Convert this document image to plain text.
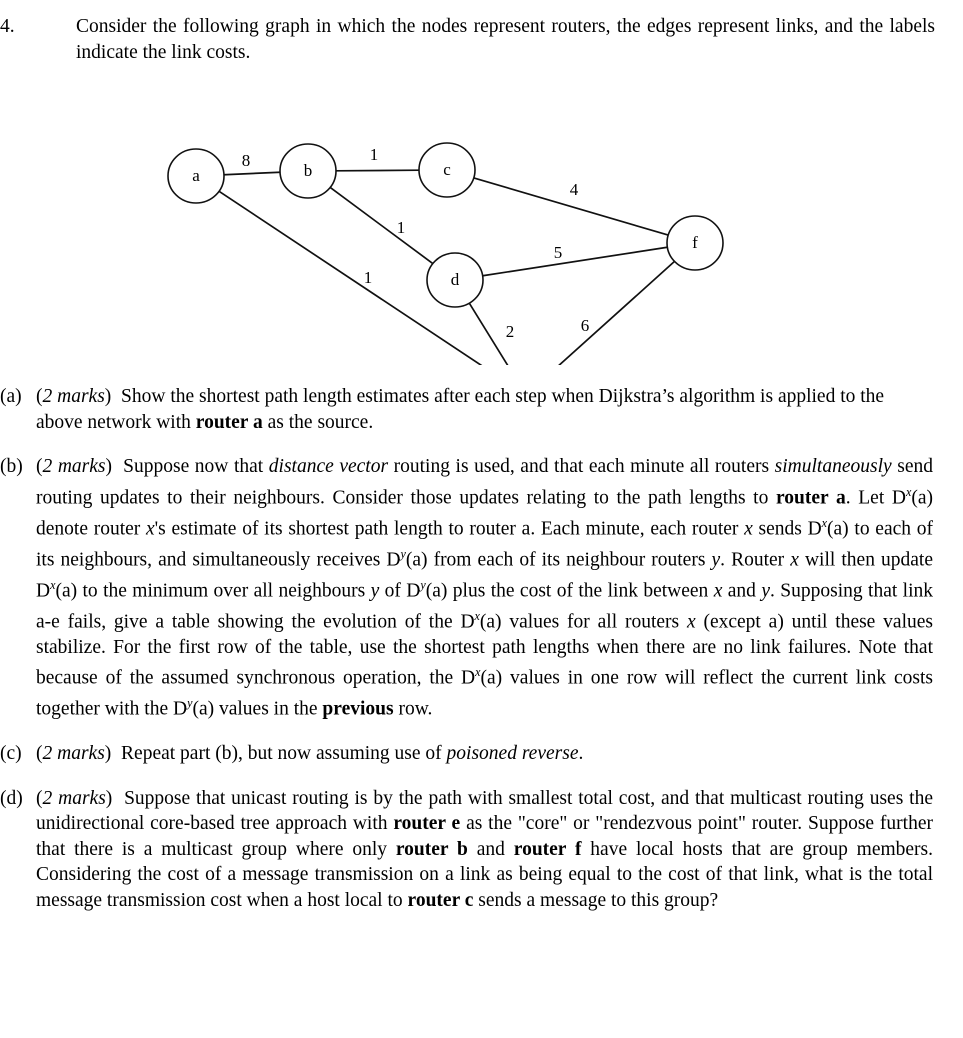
4.	Consider the following graph in which the nodes represent routers, the edges represent links, and the labels indicate the link costs.
a	b	c
d
f
8	1
1
1
4
5
2	6
(a) (2 marks)  Show the shortest path length estimates after each step when Dijkstra’s algorithm is applied to the above network with router a as the source.
(b) (2 marks)  Suppose now that distance vector routing is used, and that each minute all routers simultaneously send routing updates to their neighbours. Consider those updates relating to the path lengths to router a. Let $D^x(a)$ denote router x's estimate of its shortest path length to router a. Each minute, each router x sends $D^x(a)$ to each of its neighbours, and simultaneously receives $D^y(a)$ from each of its neighbour routers y. Router x will then update $D^x(a)$ to the minimum over all neighbours y of $D^y(a)$ plus the cost of the link between x and y. Supposing that link a-e fails, give a table showing the evolution of the $D^x(a)$ values for all routers x (except a) until these values stabilize. For the first row of the table, use the shortest path lengths when there are no link failures. Note that because of the assumed synchronous operation, the $D^x(a)$ values in one row will reflect the current link costs together with the $D^y(a)$ values in the previous row.
(c) (2 marks)  Repeat part (b), but now assuming use of poisoned reverse.
(d) (2 marks)  Suppose that unicast routing is by the path with smallest total cost, and that multicast routing uses the unidirectional core-based tree approach with router e as the "core" or "rendezvous point" router. Suppose further that there is a multicast group where only router b and router f have local hosts that are group members. Considering the cost of a message transmission on a link as being equal to the cost of that link, what is the total message transmission cost when a host local to router c sends a message to this group?
